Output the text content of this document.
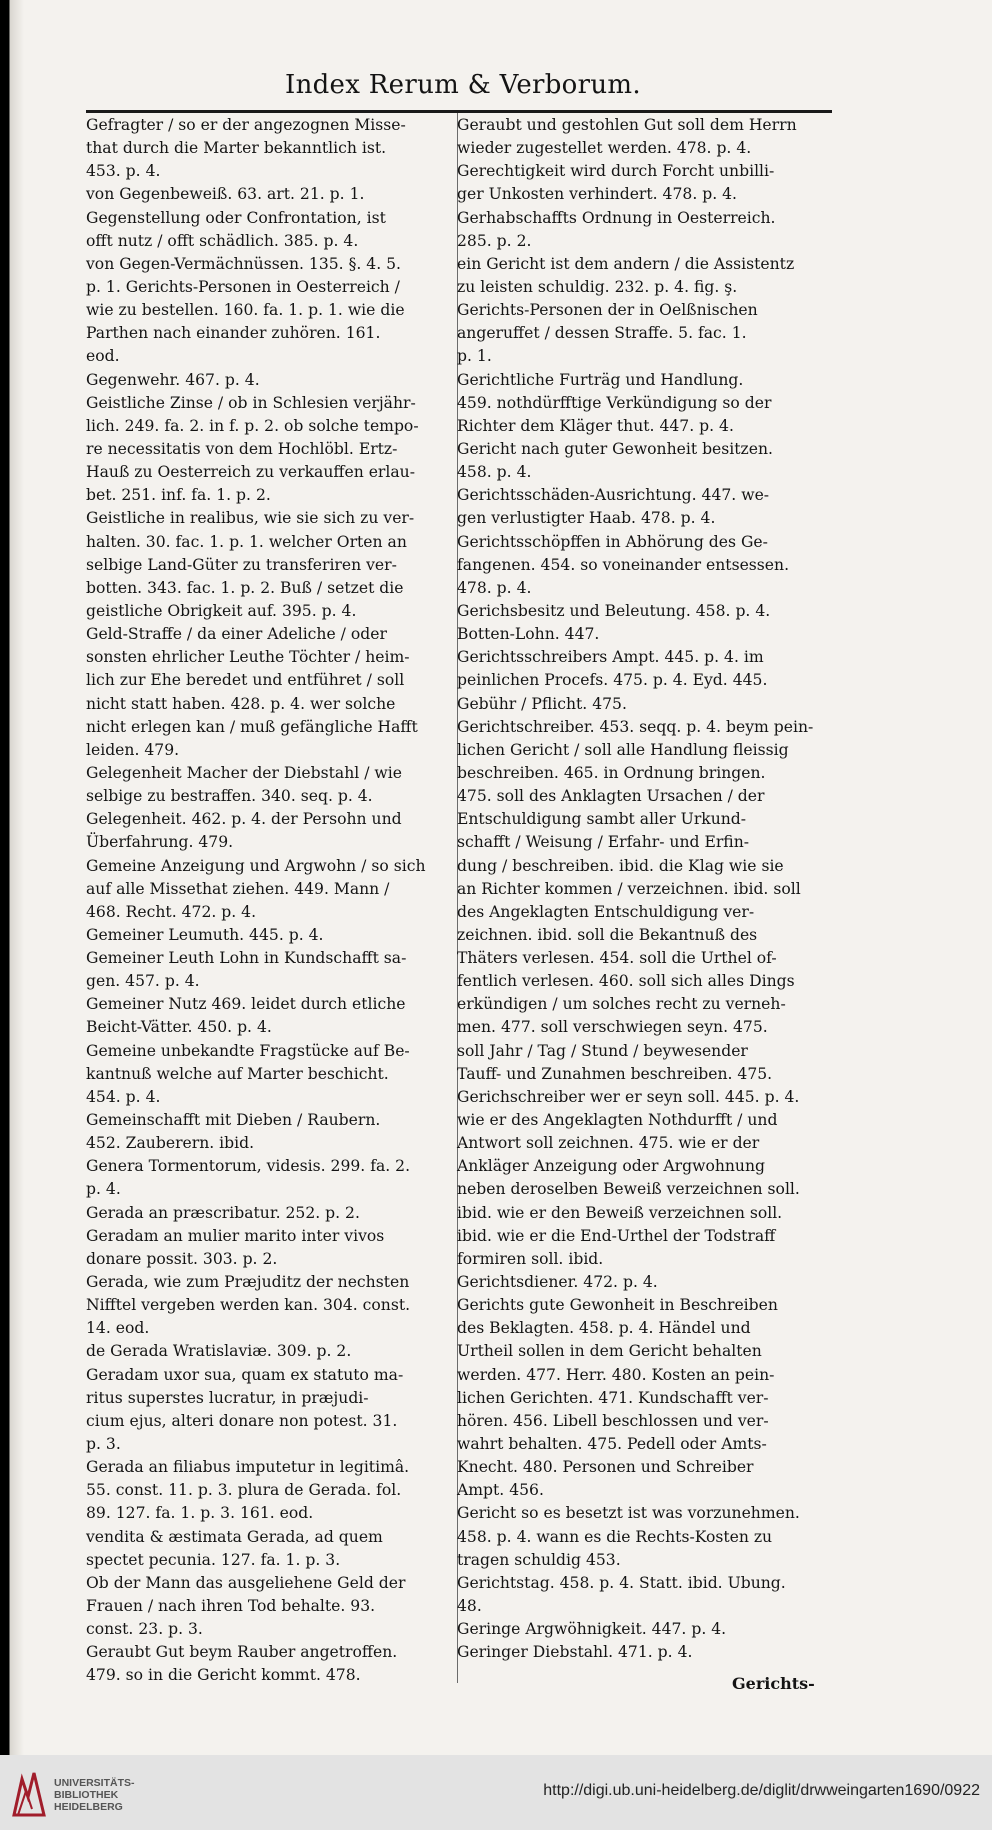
Index Rerum & Verborum.
Gefragter / so er der angezognen Misse-
that durch die Marter bekanntlich ist.
453. p. 4.
von Gegenbeweiß. 63. art. 21. p. 1.
Gegenstellung oder Confrontation, ist
offt nutz / offt schädlich. 385. p. 4.
von Gegen-Vermächnüssen. 135. §. 4. 5.
p. 1. Gerichts-Personen in Oesterreich /
wie zu bestellen. 160. fa. 1. p. 1. wie die
Parthen nach einander zuhören. 161.
eod.
Gegenwehr. 467. p. 4.
Geistliche Zinse / ob in Schlesien verjähr-
lich. 249. fa. 2. in f. p. 2. ob solche tempo-
re necessitatis von dem Hochlöbl. Ertz-
Hauß zu Oesterreich zu verkauffen erlau-
bet. 251. inf. fa. 1. p. 2.
Geistliche in realibus, wie sie sich zu ver-
halten. 30. fac. 1. p. 1. welcher Orten an
selbige Land-Güter zu transferiren ver-
botten. 343. fac. 1. p. 2. Buß / setzet die
geistliche Obrigkeit auf. 395. p. 4.
Geld-Straffe / da einer Adeliche / oder
sonsten ehrlicher Leuthe Töchter / heim-
lich zur Ehe beredet und entführet / soll
nicht statt haben. 428. p. 4. wer solche
nicht erlegen kan / muß gefängliche Hafft
leiden. 479.
Gelegenheit Macher der Diebstahl / wie
selbige zu bestraffen. 340. seq. p. 4.
Gelegenheit. 462. p. 4. der Persohn und
Überfahrung. 479.
Gemeine Anzeigung und Argwohn / so sich
auf alle Missethat ziehen. 449. Mann /
468. Recht. 472. p. 4.
Gemeiner Leumuth. 445. p. 4.
Gemeiner Leuth Lohn in Kundschafft sa-
gen. 457. p. 4.
Gemeiner Nutz 469. leidet durch etliche
Beicht-Vätter. 450. p. 4.
Gemeine unbekandte Fragstücke auf Be-
kantnuß welche auf Marter beschicht.
454. p. 4.
Gemeinschafft mit Dieben / Raubern.
452. Zauberern. ibid.
Genera Tormentorum, videsis. 299. fa. 2.
p. 4.
Gerada an præscribatur. 252. p. 2.
Geradam an mulier marito inter vivos
donare possit. 303. p. 2.
Gerada, wie zum Præjuditz der nechsten
Nifftel vergeben werden kan. 304. const.
14. eod.
de Gerada Wratislaviæ. 309. p. 2.
Geradam uxor sua, quam ex statuto ma-
ritus superstes lucratur, in præjudi-
cium ejus, alteri donare non potest. 31.
p. 3.
Gerada an filiabus imputetur in legitimâ.
55. const. 11. p. 3. plura de Gerada. fol.
89. 127. fa. 1. p. 3. 161. eod.
vendita & æstimata Gerada, ad quem
spectet pecunia. 127. fa. 1. p. 3.
Ob der Mann das ausgeliehene Geld der
Frauen / nach ihren Tod behalte. 93.
const. 23. p. 3.
Geraubt Gut beym Rauber angetroffen.
479. so in die Gericht kommt. 478.
Geraubt und gestohlen Gut soll dem Herrn
wieder zugestellet werden. 478. p. 4.
Gerechtigkeit wird durch Forcht unbilli-
ger Unkosten verhindert. 478. p. 4.
Gerhabschaffts Ordnung in Oesterreich.
285. p. 2.
ein Gericht ist dem andern / die Assistentz
zu leisten schuldig. 232. p. 4. fig. ş.
Gerichts-Personen der in Oelßnischen
angeruffet / dessen Straffe. 5. fac. 1.
p. 1.
Gerichtliche Furträg und Handlung.
459. nothdürfftige Verkündigung so der
Richter dem Kläger thut. 447. p. 4.
Gericht nach guter Gewonheit besitzen.
458. p. 4.
Gerichtsschäden-Ausrichtung. 447. we-
gen verlustigter Haab. 478. p. 4.
Gerichtsschöpffen in Abhörung des Ge-
fangenen. 454. so voneinander entsessen.
478. p. 4.
Gerichsbesitz und Beleutung. 458. p. 4.
Botten-Lohn. 447.
Gerichtsschreibers Ampt. 445. p. 4. im
peinlichen Procefs. 475. p. 4. Eyd. 445.
Gebühr / Pflicht. 475.
Gerichtschreiber. 453. seqq. p. 4. beym pein-
lichen Gericht / soll alle Handlung fleissig
beschreiben. 465. in Ordnung bringen.
475. soll des Anklagten Ursachen / der
Entschuldigung sambt aller Urkund-
schafft / Weisung / Erfahr- und Erfin-
dung / beschreiben. ibid. die Klag wie sie
an Richter kommen / verzeichnen. ibid. soll
des Angeklagten Entschuldigung ver-
zeichnen. ibid. soll die Bekantnuß des
Thäters verlesen. 454. soll die Urthel of-
fentlich verlesen. 460. soll sich alles Dings
erkündigen / um solches recht zu verneh-
men. 477. soll verschwiegen seyn. 475.
soll Jahr / Tag / Stund / beywesender
Tauff- und Zunahmen beschreiben. 475.
Gerichschreiber wer er seyn soll. 445. p. 4.
wie er des Angeklagten Nothdurfft / und
Antwort soll zeichnen. 475. wie er der
Ankläger Anzeigung oder Argwohnung
neben deroselben Beweiß verzeichnen soll.
ibid. wie er den Beweiß verzeichnen soll.
ibid. wie er die End-Urthel der Todstraff
formiren soll. ibid.
Gerichtsdiener. 472. p. 4.
Gerichts gute Gewonheit in Beschreiben
des Beklagten. 458. p. 4. Händel und
Urtheil sollen in dem Gericht behalten
werden. 477. Herr. 480. Kosten an pein-
lichen Gerichten. 471. Kundschafft ver-
hören. 456. Libell beschlossen und ver-
wahrt behalten. 475. Pedell oder Amts-
Knecht. 480. Personen und Schreiber
Ampt. 456.
Gericht so es besetzt ist was vorzunehmen.
458. p. 4. wann es die Rechts-Kosten zu
tragen schuldig 453.
Gerichtstag. 458. p. 4. Statt. ibid. Ubung.
48.
Geringe Argwöhnigkeit. 447. p. 4.
Geringer Diebstahl. 471. p. 4.
Gerichts-
UNIVERSITÄTS-
BIBLIOTHEK
HEIDELBERG
http://digi.ub.uni-heidelberg.de/diglit/drwweingarten1690/0922
